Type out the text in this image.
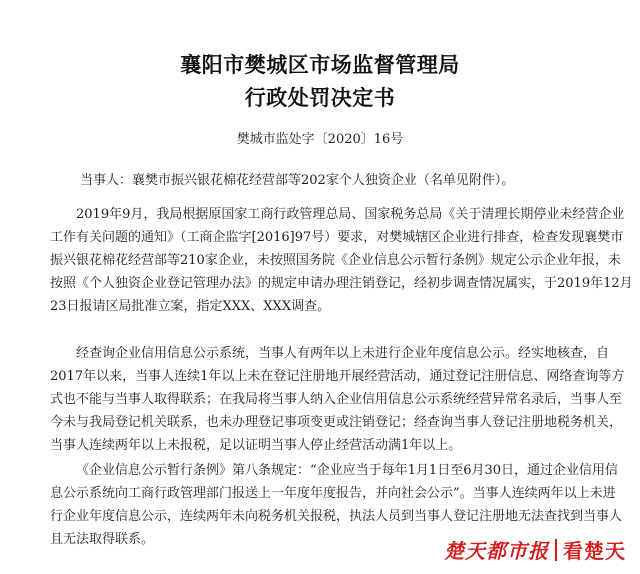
襄阳市樊城区市场监督管理局
行政处罚决定书
樊城市监处字〔2020〕16号
当事人：襄樊市振兴银花棉花经营部等202家个人独资企业（名单见附件）。
2019年9月，我局根据原国家工商行政管理总局、国家税务总局《关于清理长期停业未经营企业
工作有关问题的通知》（工商企监字[2016]97号）要求，对樊城辖区企业进行排查，检查发现襄樊市
振兴银花棉花经营部等210家企业，未按照国务院《企业信息公示暂行条例》规定公示企业年报，未
按照《个人独资企业登记管理办法》的规定申请办理注销登记，经初步调查情况属实，于2019年12月
23日报请区局批准立案，指定XXX、XXX调查。
经查询企业信用信息公示系统，当事人有两年以上未进行企业年度信息公示。经实地核查，自
2017年以来，当事人连续1年以上未在登记注册地开展经营活动，通过登记注册信息、网络查询等方
式也不能与当事人取得联系；在我局将当事人纳入企业信用信息公示系统经营异常名录后，当事人至
今未与我局登记机关联系，也未办理登记事项变更或注销登记；经查询当事人登记注册地税务机关，
当事人连续两年以上未报税，足以证明当事人停止经营活动满1年以上。
《企业信息公示暂行条例》第八条规定：“企业应当于每年1月1日至6月30日，通过企业信用信
息公示系统向工商行政管理部门报送上一年度年度报告，并向社会公示”。当事人连续两年以上未进
行企业年度信息公示，连续两年未向税务机关报税，执法人员到当事人登记注册地无法查找到当事人
且无法取得联系。	楚天都市报 看楚天
